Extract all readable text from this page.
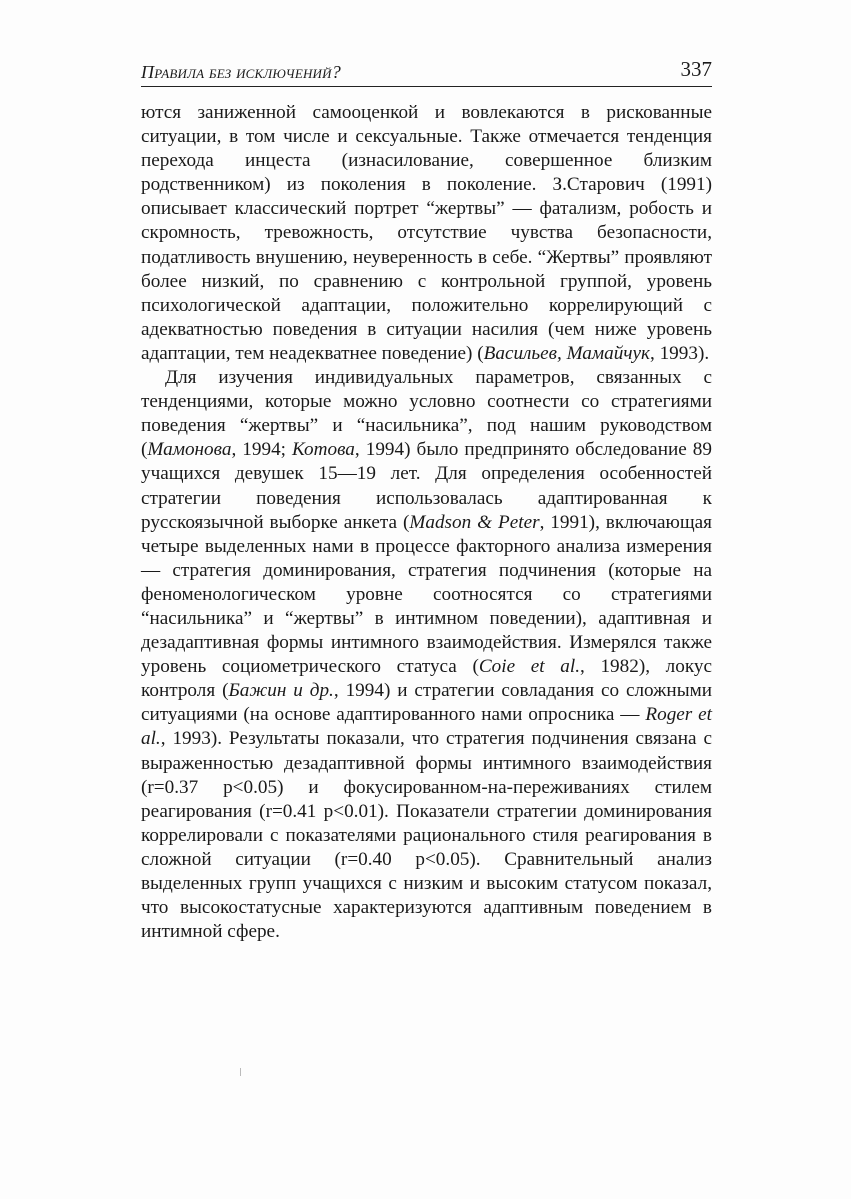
Правила без исключений?	337

ются заниженной самооценкой и вовлекаются в рискованные ситуации, в том числе и сексуальные. Также отмечается тенденция перехода инцеста (изнасилование, совершенное близким родственником) из поколения в поколение. З.Старович (1991) описывает классический портрет “жертвы” — фатализм, робость и скромность, тревожность, отсутствие чувства безопасности, податливость внушению, неуверенность в себе. “Жертвы” проявляют более низкий, по сравнению с контрольной группой, уровень психологической адаптации, положительно коррелирующий с адекватностью поведения в ситуации насилия (чем ниже уровень адаптации, тем неадекватнее поведение) (Васильев, Мамайчук, 1993).

Для изучения индивидуальных параметров, связанных с тенденциями, которые можно условно соотнести со стратегиями поведения “жертвы” и “насильника”, под нашим руководством (Мамонова, 1994; Котова, 1994) было предпринято обследование 89 учащихся девушек 15—19 лет. Для определения особенностей стратегии поведения использовалась адаптированная к русскоязычной выборке анкета (Madson & Peter, 1991), включающая четыре выделенных нами в процессе факторного анализа измерения — стратегия доминирования, стратегия подчинения (которые на феноменологическом уровне соотносятся со стратегиями “насильника” и “жертвы” в интимном поведении), адаптивная и дезадаптивная формы интимного взаимодействия. Измерялся также уровень социометрического статуса (Coie et al., 1982), локус контроля (Бажин и др., 1994) и стратегии совладания со сложными ситуациями (на основе адаптированного нами опросника — Roger et al., 1993). Результаты показали, что стратегия подчинения связана с выраженностью дезадаптивной формы интимного взаимодействия (r=0.37 p<0.05) и фокусированном-на-переживаниях стилем реагирования (r=0.41 p<0.01). Показатели стратегии доминирования коррелировали с показателями рационального стиля реагирования в сложной ситуации (r=0.40 p<0.05). Сравнительный анализ выделенных групп учащихся с низким и высоким статусом показал, что высокостатусные характеризуются адаптивным поведением в интимной сфере.
